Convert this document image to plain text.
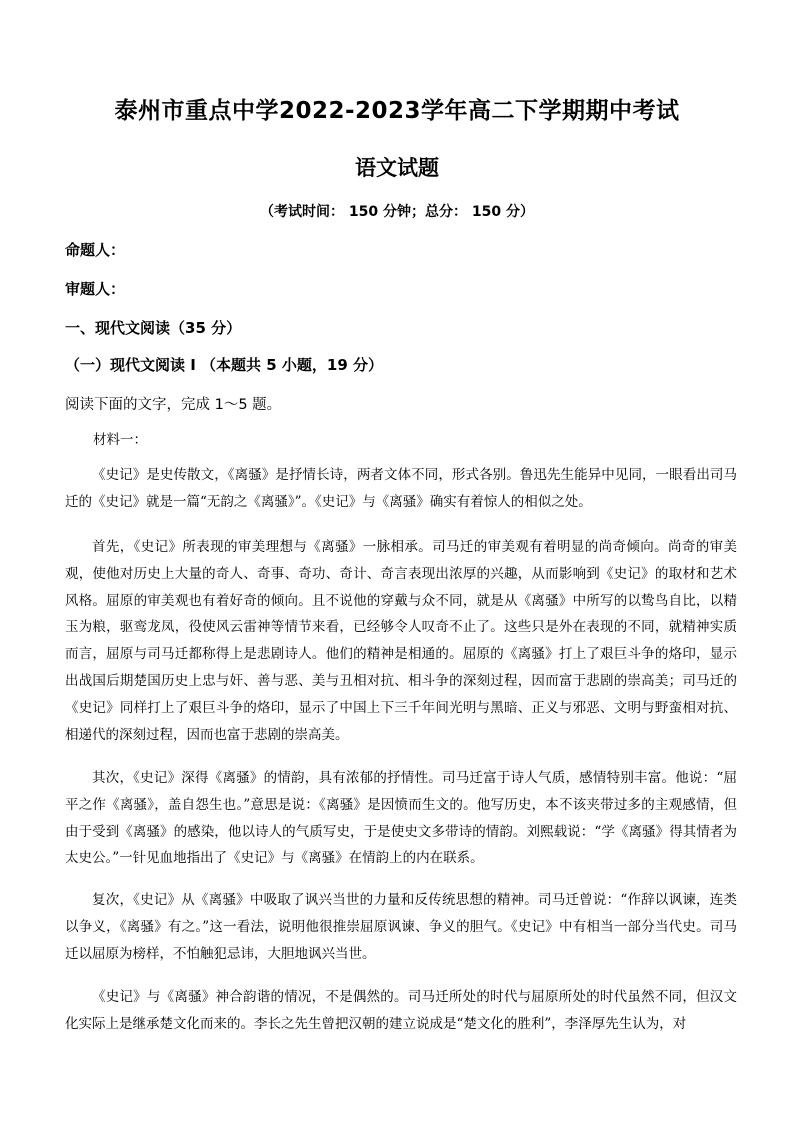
泰州市重点中学2022-2023学年高二下学期期中考试
语文试题
（考试时间： 150 分钟；总分： 150 分）
命题人：
审题人：
一、现代文阅读（35 分）
（一）现代文阅读 I （本题共 5 小题，19 分）
阅读下面的文字，完成 1～5 题。
材料一：

《史记》是史传散文，《离骚》是抒情长诗，两者文体不同，形式各别。鲁迅先生能异中见同，一眼看出司马迁的《史记》就是一篇“无韵之《离骚》”。《史记》与《离骚》确实有着惊人的相似之处。

首先，《史记》所表现的审美理想与《离骚》一脉相承。司马迁的审美观有着明显的尚奇倾向。尚奇的审美观，使他对历史上大量的奇人、奇事、奇功、奇计、奇言表现出浓厚的兴趣，从而影响到《史记》的取材和艺术风格。屈原的审美观也有着好奇的倾向。且不说他的穿戴与众不同，就是从《离骚》中所写的以鸷鸟自比，以精玉为粮，驱鸾龙凤，役使风云雷神等情节来看，已经够令人叹奇不止了。这些只是外在表现的不同，就精神实质而言，屈原与司马迁都称得上是悲剧诗人。他们的精神是相通的。屈原的《离骚》打上了艰巨斗争的烙印，显示出战国后期楚国历史上忠与奸、善与恶、美与丑相对抗、相斗争的深刻过程，因而富于悲剧的崇高美；司马迁的《史记》同样打上了艰巨斗争的烙印，显示了中国上下三千年间光明与黑暗、正义与邪恶、文明与野蛮相对抗、相递代的深刻过程，因而也富于悲剧的崇高美。

其次，《史记》深得《离骚》的情韵，具有浓郁的抒情性。司马迁富于诗人气质，感情特别丰富。他说：“屈平之作《离骚》，盖自怨生也。”意思是说：《离骚》是因愤而生文的。他写历史，本不该夹带过多的主观感情，但由于受到《离骚》的感染，他以诗人的气质写史，于是使史文多带诗的情韵。刘熙载说：“学《离骚》得其情者为太史公。”一针见血地指出了《史记》与《离骚》在情韵上的内在联系。

复次，《史记》从《离骚》中吸取了讽兴当世的力量和反传统思想的精神。司马迁曾说：“作辞以讽谏，连类以争义，《离骚》有之。”这一看法，说明他很推崇屈原讽谏、争义的胆气。《史记》中有相当一部分当代史。司马迁以屈原为榜样，不怕触犯忌讳，大胆地讽兴当世。

《史记》与《离骚》神合韵谐的情况，不是偶然的。司马迁所处的时代与屈原所处的时代虽然不同，但汉文化实际上是继承楚文化而来的。李长之先生曾把汉朝的建立说成是“楚文化的胜利”，李泽厚先生认为，对
